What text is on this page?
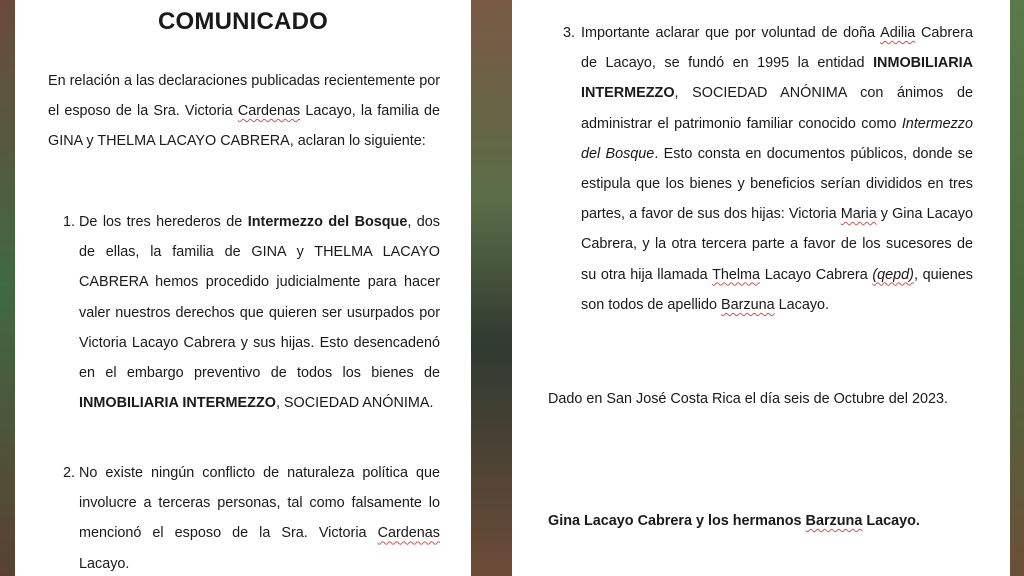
COMUNICADO

En relación a las declaraciones publicadas recientemente por el esposo de la Sra. Victoria Cardenas Lacayo, la familia de GINA y THELMA LACAYO CABRERA, aclaran lo siguiente:

1. De los tres herederos de Intermezzo del Bosque, dos de ellas, la familia de GINA y THELMA LACAYO CABRERA hemos procedido judicialmente para hacer valer nuestros derechos que quieren ser usurpados por Victoria Lacayo Cabrera y sus hijas. Esto desencadenó en el embargo preventivo de todos los bienes de INMOBILIARIA INTERMEZZO, SOCIEDAD ANÓNIMA.

2. No existe ningún conflicto de naturaleza política que involucre a terceras personas, tal como falsamente lo mencionó el esposo de la Sra. Victoria Cardenas Lacayo.

3. Importante aclarar que por voluntad de doña Adilia Cabrera de Lacayo, se fundó en 1995 la entidad INMOBILIARIA INTERMEZZO, SOCIEDAD ANÓNIMA con ánimos de administrar el patrimonio familiar conocido como Intermezzo del Bosque. Esto consta en documentos públicos, donde se estipula que los bienes y beneficios serían divididos en tres partes, a favor de sus dos hijas: Victoria Maria y Gina Lacayo Cabrera, y la otra tercera parte a favor de los sucesores de su otra hija llamada Thelma Lacayo Cabrera (qepd), quienes son todos de apellido Barzuna Lacayo.

Dado en San José Costa Rica el día seis de Octubre del 2023.

Gina Lacayo Cabrera y los hermanos Barzuna Lacayo.
